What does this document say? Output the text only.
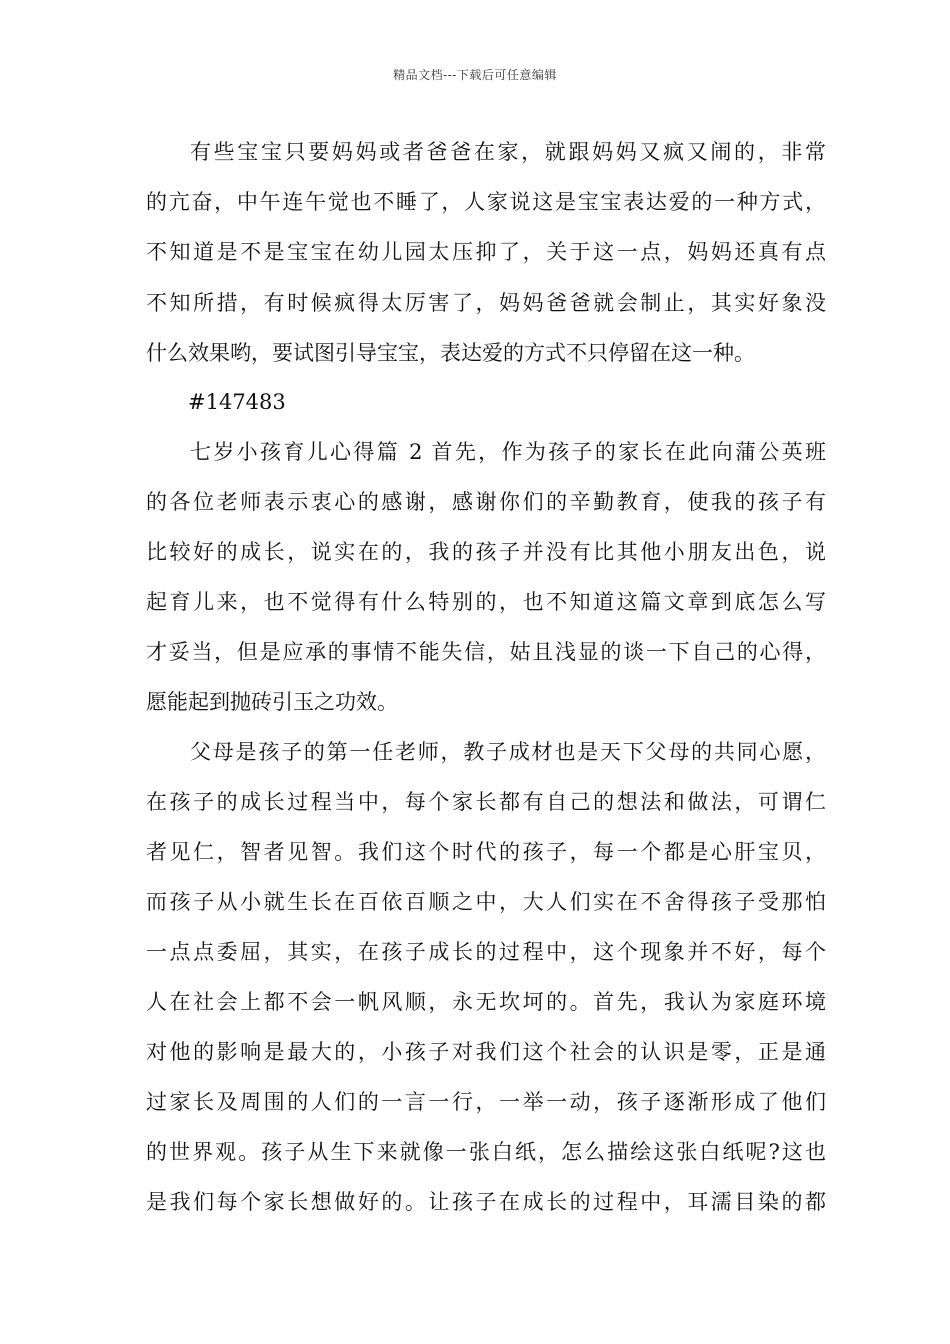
精品文档---下载后可任意编辑
有些宝宝只要妈妈或者爸爸在家，就跟妈妈又疯又闹的，非常
的亢奋，中午连午觉也不睡了，人家说这是宝宝表达爱的一种方式，
不知道是不是宝宝在幼儿园太压抑了，关于这一点，妈妈还真有点
不知所措，有时候疯得太厉害了，妈妈爸爸就会制止，其实好象没
什么效果哟，要试图引导宝宝，表达爱的方式不只停留在这一种。
#147483
七岁小孩育儿心得篇 2 首先，作为孩子的家长在此向蒲公英班
的各位老师表示衷心的感谢，感谢你们的辛勤教育，使我的孩子有
比较好的成长，说实在的，我的孩子并没有比其他小朋友出色，说
起育儿来，也不觉得有什么特别的，也不知道这篇文章到底怎么写
才妥当，但是应承的事情不能失信，姑且浅显的谈一下自己的心得，
愿能起到抛砖引玉之功效。
父母是孩子的第一任老师，教子成材也是天下父母的共同心愿，
在孩子的成长过程当中，每个家长都有自己的想法和做法，可谓仁
者见仁，智者见智。我们这个时代的孩子，每一个都是心肝宝贝，
而孩子从小就生长在百依百顺之中，大人们实在不舍得孩子受那怕
一点点委屈，其实，在孩子成长的过程中，这个现象并不好，每个
人在社会上都不会一帆风顺，永无坎坷的。首先，我认为家庭环境
对他的影响是最大的，小孩子对我们这个社会的认识是零，正是通
过家长及周围的人们的一言一行，一举一动，孩子逐渐形成了他们
的世界观。孩子从生下来就像一张白纸，怎么描绘这张白纸呢?这也
是我们每个家长想做好的。让孩子在成长的过程中，耳濡目染的都
